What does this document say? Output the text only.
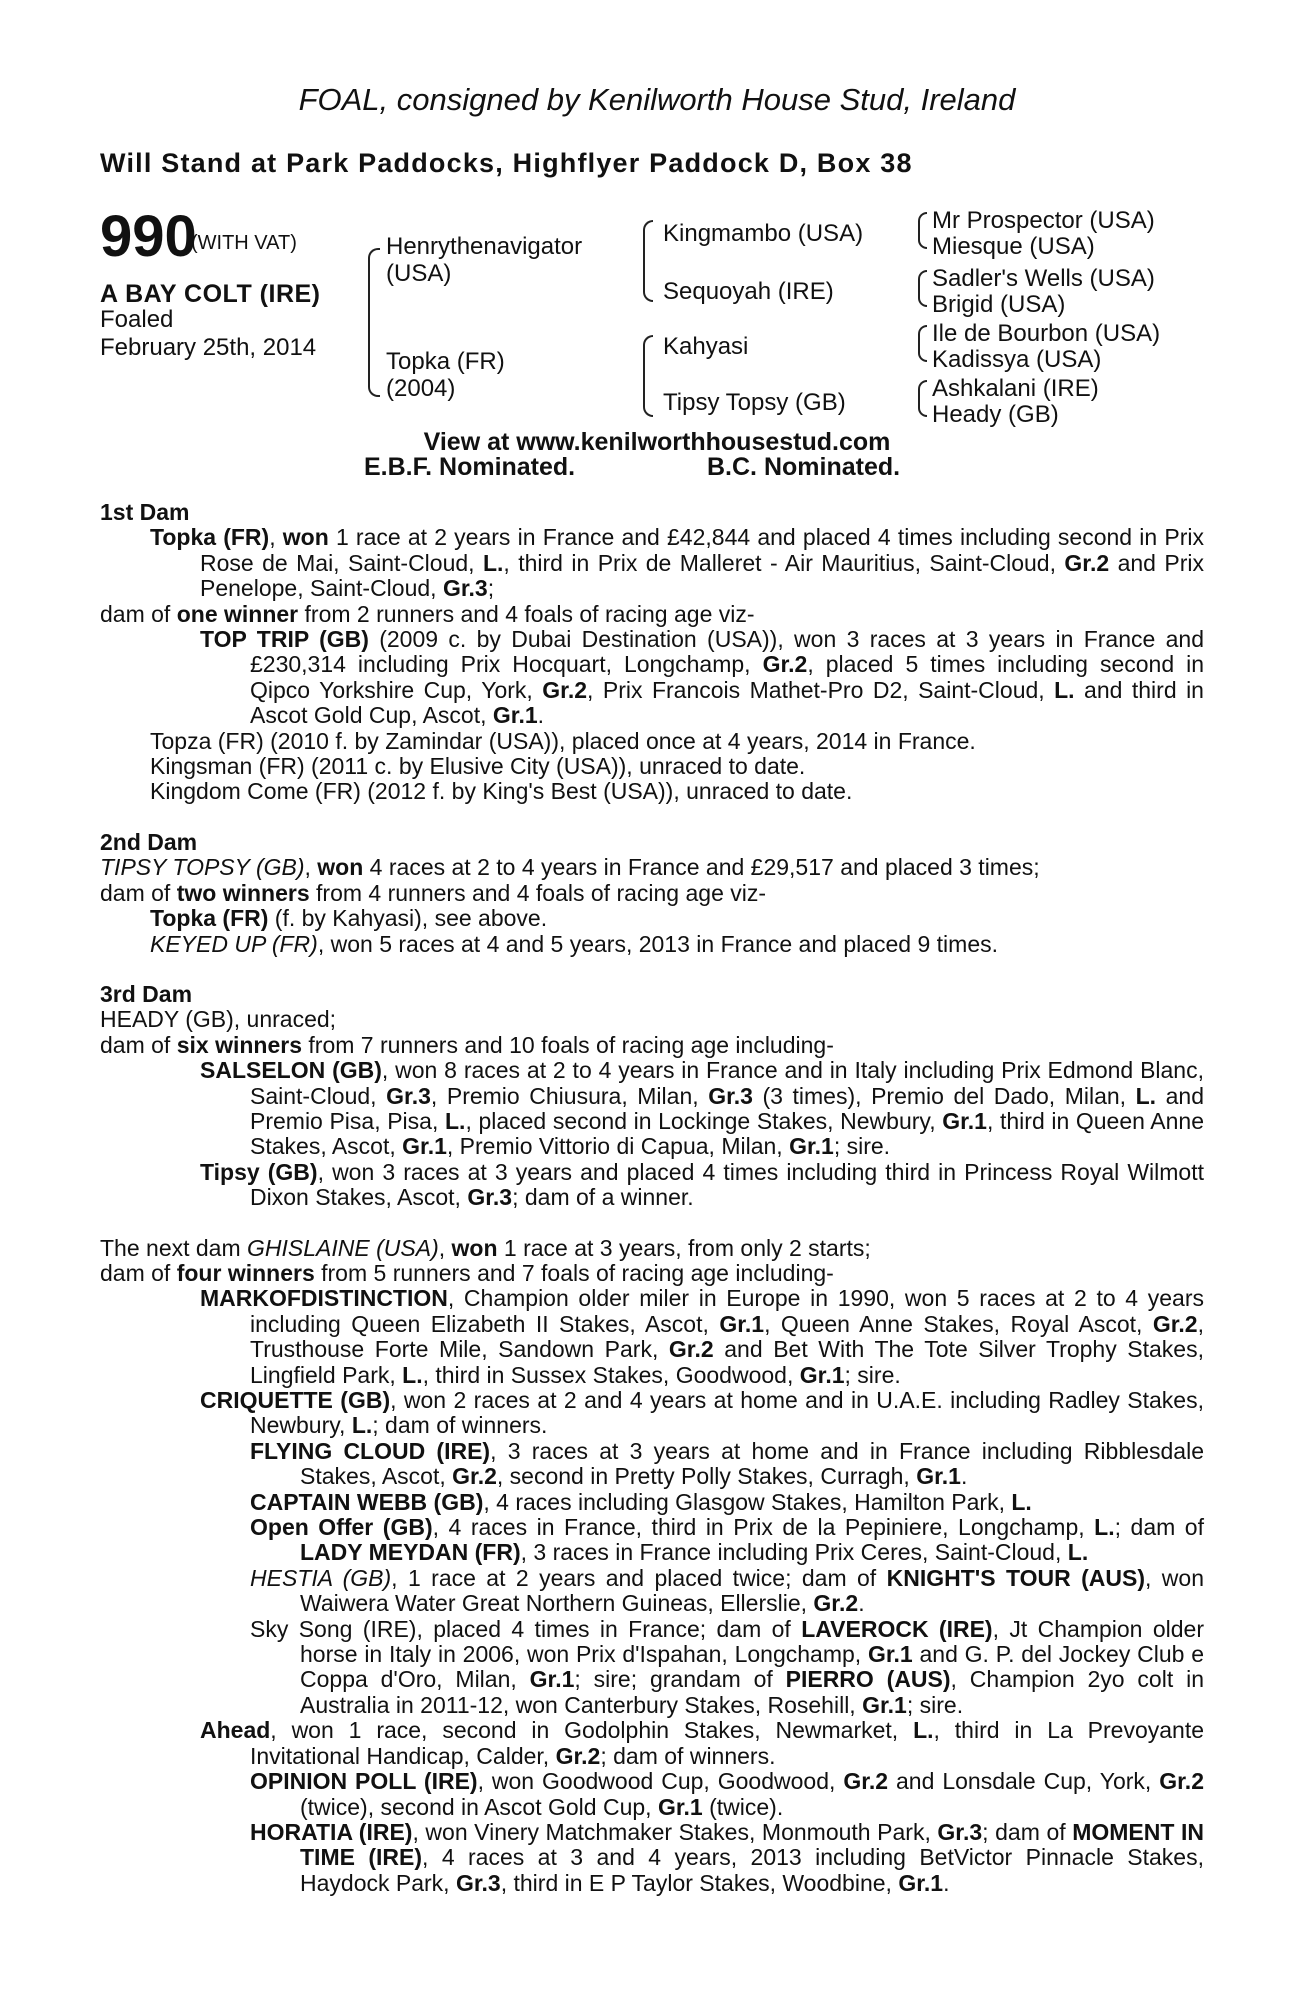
FOAL, consigned by Kenilworth House Stud, Ireland
Will Stand at Park Paddocks, Highflyer Paddock D, Box 38
990
(WITH VAT)
A BAY COLT (IRE)
Foaled
February 25th, 2014
Henrythenavigator (USA)
Topka (FR) (2004)
Kingmambo (USA)
Sequoyah (IRE)
Kahyasi
Tipsy Topsy (GB)
Mr Prospector (USA)
Miesque (USA)
Sadler's Wells (USA)
Brigid (USA)
Ile de Bourbon (USA)
Kadissya (USA)
Ashkalani (IRE)
Heady (GB)
View at www.kenilworthhousestud.com
E.B.F. Nominated.	B.C. Nominated.
1st Dam

Topka (FR), won 1 race at 2 years in France and £42,844 and placed 4 times including second in Prix Rose de Mai, Saint-Cloud, L., third in Prix de Malleret - Air Mauritius, Saint-Cloud, Gr.2 and Prix Penelope, Saint-Cloud, Gr.3;

dam of one winner from 2 runners and 4 foals of racing age viz-

TOP TRIP (GB) (2009 c. by Dubai Destination (USA)), won 3 races at 3 years in France and £230,314 including Prix Hocquart, Longchamp, Gr.2, placed 5 times including second in Qipco Yorkshire Cup, York, Gr.2, Prix Francois Mathet-Pro D2, Saint-Cloud, L. and third in Ascot Gold Cup, Ascot, Gr.1.

Topza (FR) (2010 f. by Zamindar (USA)), placed once at 4 years, 2014 in France.

Kingsman (FR) (2011 c. by Elusive City (USA)), unraced to date.

Kingdom Come (FR) (2012 f. by King's Best (USA)), unraced to date.

2nd Dam

TIPSY TOPSY (GB), won 4 races at 2 to 4 years in France and £29,517 and placed 3 times;

dam of two winners from 4 runners and 4 foals of racing age viz-

Topka (FR) (f. by Kahyasi), see above.

KEYED UP (FR), won 5 races at 4 and 5 years, 2013 in France and placed 9 times.

3rd Dam

HEADY (GB), unraced;

dam of six winners from 7 runners and 10 foals of racing age including-

SALSELON (GB), won 8 races at 2 to 4 years in France and in Italy including Prix Edmond Blanc, Saint-Cloud, Gr.3, Premio Chiusura, Milan, Gr.3 (3 times), Premio del Dado, Milan, L. and Premio Pisa, Pisa, L., placed second in Lockinge Stakes, Newbury, Gr.1, third in Queen Anne Stakes, Ascot, Gr.1, Premio Vittorio di Capua, Milan, Gr.1; sire.

Tipsy (GB), won 3 races at 3 years and placed 4 times including third in Princess Royal Wilmott Dixon Stakes, Ascot, Gr.3; dam of a winner.

The next dam GHISLAINE (USA), won 1 race at 3 years, from only 2 starts;

dam of four winners from 5 runners and 7 foals of racing age including-

MARKOFDISTINCTION, Champion older miler in Europe in 1990, won 5 races at 2 to 4 years including Queen Elizabeth II Stakes, Ascot, Gr.1, Queen Anne Stakes, Royal Ascot, Gr.2, Trusthouse Forte Mile, Sandown Park, Gr.2 and Bet With The Tote Silver Trophy Stakes, Lingfield Park, L., third in Sussex Stakes, Goodwood, Gr.1; sire.

CRIQUETTE (GB), won 2 races at 2 and 4 years at home and in U.A.E. including Radley Stakes, Newbury, L.; dam of winners.

FLYING CLOUD (IRE), 3 races at 3 years at home and in France including Ribblesdale Stakes, Ascot, Gr.2, second in Pretty Polly Stakes, Curragh, Gr.1.

CAPTAIN WEBB (GB), 4 races including Glasgow Stakes, Hamilton Park, L.

Open Offer (GB), 4 races in France, third in Prix de la Pepiniere, Longchamp, L.; dam of LADY MEYDAN (FR), 3 races in France including Prix Ceres, Saint-Cloud, L.

HESTIA (GB), 1 race at 2 years and placed twice; dam of KNIGHT'S TOUR (AUS), won Waiwera Water Great Northern Guineas, Ellerslie, Gr.2.

Sky Song (IRE), placed 4 times in France; dam of LAVEROCK (IRE), Jt Champion older horse in Italy in 2006, won Prix d'Ispahan, Longchamp, Gr.1 and G. P. del Jockey Club e Coppa d'Oro, Milan, Gr.1; sire; grandam of PIERRO (AUS), Champion 2yo colt in Australia in 2011-12, won Canterbury Stakes, Rosehill, Gr.1; sire.

Ahead, won 1 race, second in Godolphin Stakes, Newmarket, L., third in La Prevoyante Invitational Handicap, Calder, Gr.2; dam of winners.

OPINION POLL (IRE), won Goodwood Cup, Goodwood, Gr.2 and Lonsdale Cup, York, Gr.2 (twice), second in Ascot Gold Cup, Gr.1 (twice).

HORATIA (IRE), won Vinery Matchmaker Stakes, Monmouth Park, Gr.3; dam of MOMENT IN TIME (IRE), 4 races at 3 and 4 years, 2013 including BetVictor Pinnacle Stakes, Haydock Park, Gr.3, third in E P Taylor Stakes, Woodbine, Gr.1.
